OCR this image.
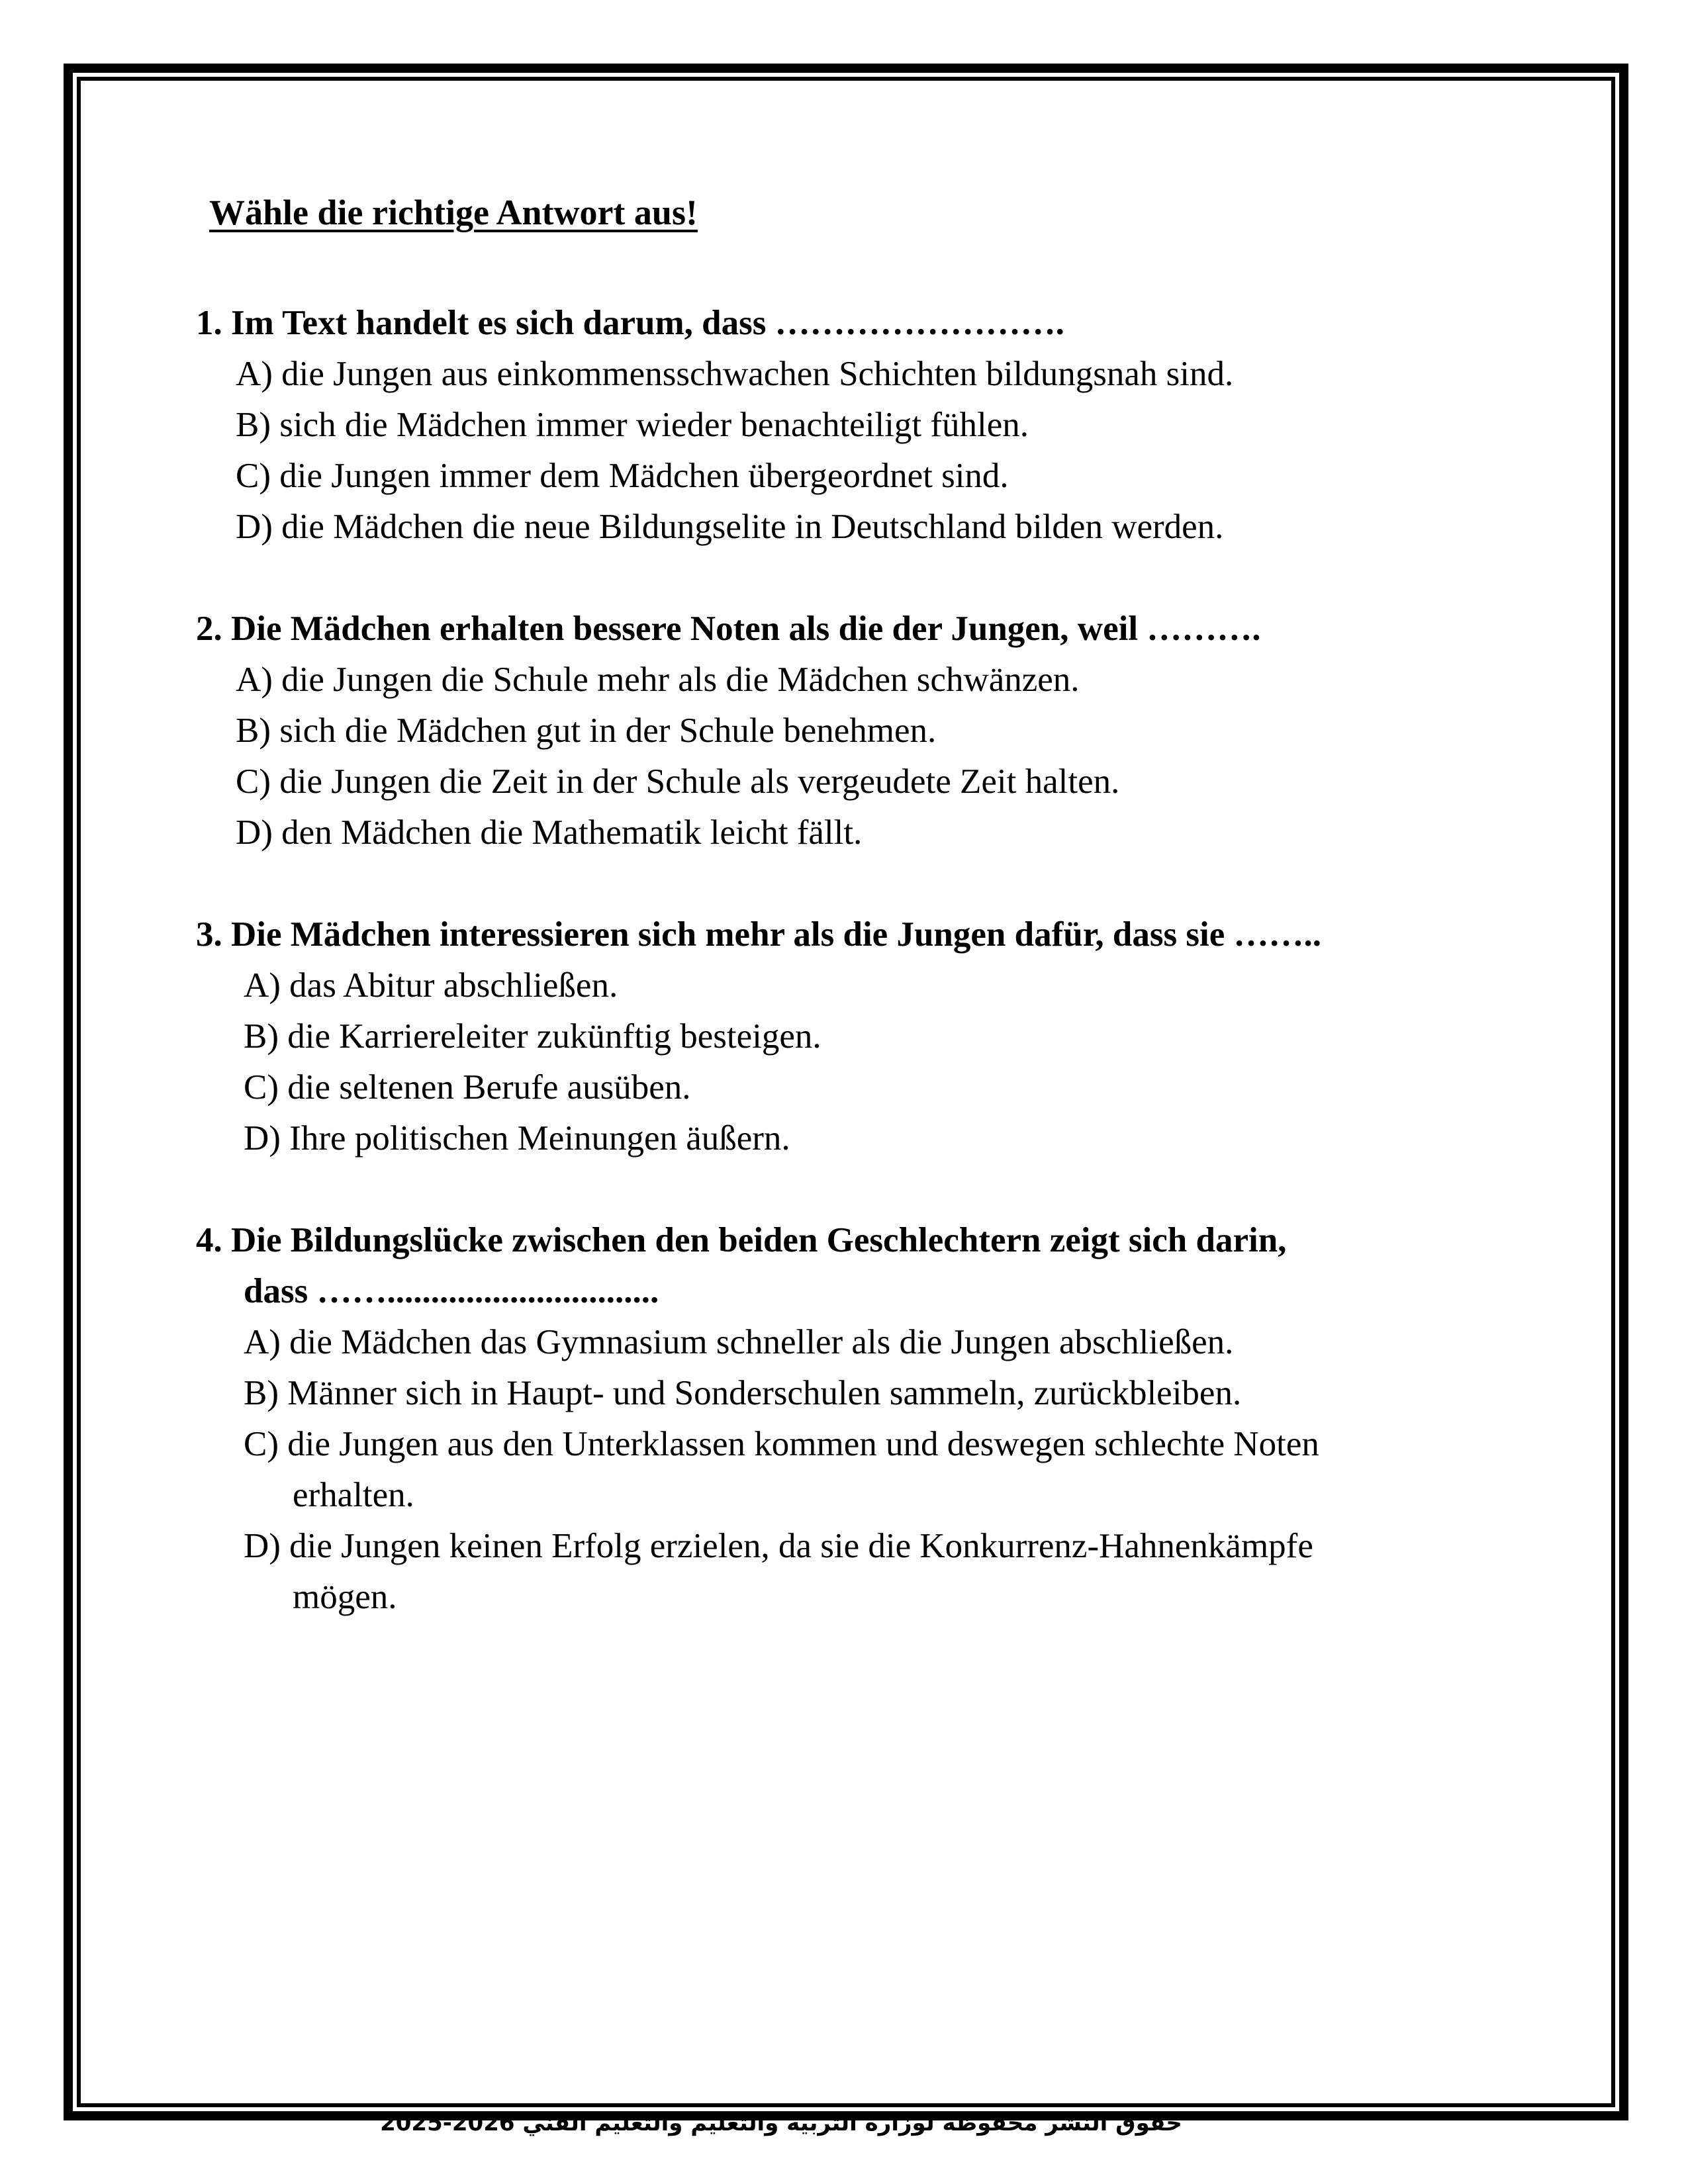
Wähle die richtige Antwort aus!
1. Im Text handelt es sich darum, dass …………………….
A) die Jungen aus einkommensschwachen Schichten bildungsnah sind.
B) sich die Mädchen immer wieder benachteiligt fühlen.
C) die Jungen immer dem Mädchen übergeordnet sind.
D) die Mädchen die neue Bildungselite in Deutschland bilden werden.
2. Die Mädchen erhalten bessere Noten als die der Jungen, weil ……….
A) die Jungen die Schule mehr als die Mädchen schwänzen.
B) sich die Mädchen gut in der Schule benehmen.
C) die Jungen die Zeit in der Schule als vergeudete Zeit halten.
D) den Mädchen die Mathematik leicht fällt.
3. Die Mädchen interessieren sich mehr als die Jungen dafür, dass sie ……..
A) das Abitur abschließen.
B) die Karriereleiter zukünftig besteigen.
C) die seltenen Berufe ausüben.
D) Ihre politischen Meinungen äußern.
4. Die Bildungslücke zwischen den beiden Geschlechtern zeigt sich darin,
dass ……...............................
A) die Mädchen das Gymnasium schneller als die Jungen abschließen.
B) Männer sich in Haupt- und Sonderschulen sammeln, zurückbleiben.
C) die Jungen aus den Unterklassen kommen und deswegen schlechte Noten
erhalten.
D) die Jungen keinen Erfolg erzielen, da sie die Konkurrenz-Hahnenkämpfe
mögen.
حقوق النشر محفوظة لوزارة التربية والتعليم والتعليم الفني 2026-2025
